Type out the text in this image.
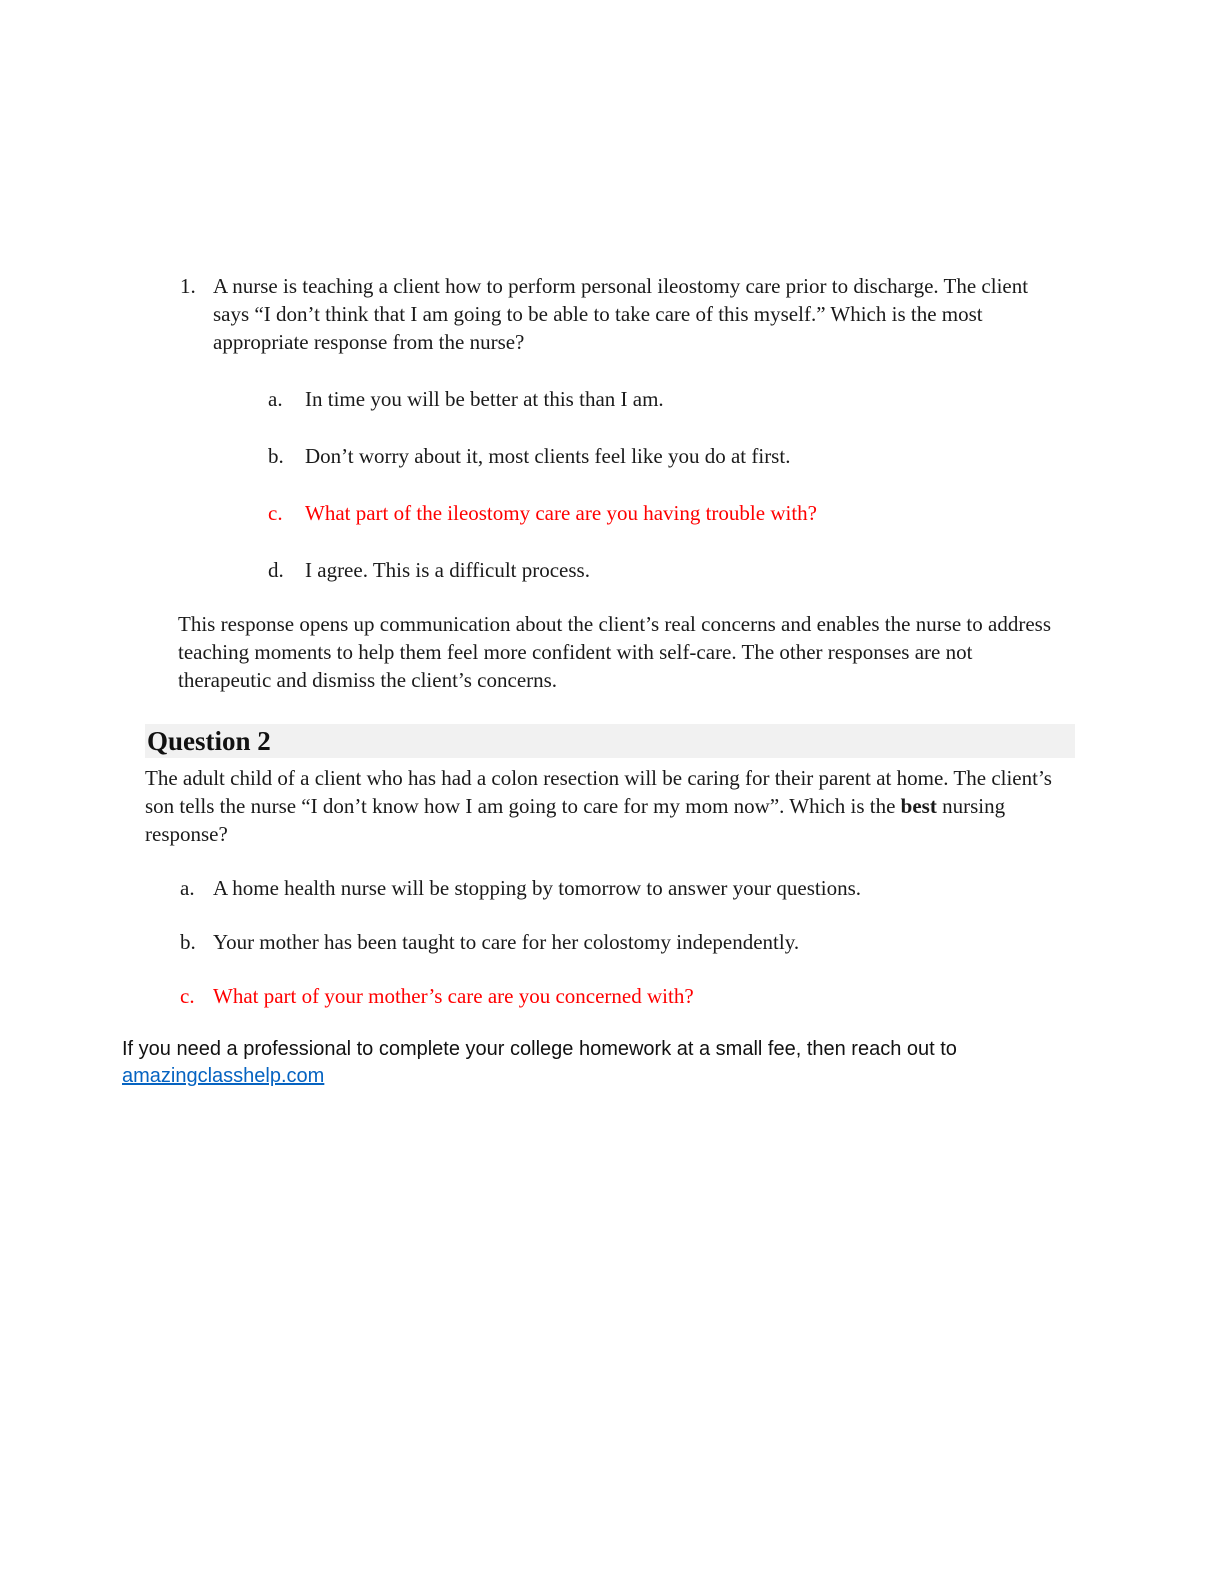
1. A nurse is teaching a client how to perform personal ileostomy care prior to discharge. The client says “I don’t think that I am going to be able to take care of this myself.” Which is the most appropriate response from the nurse?

a.	In time you will be better at this than I am.
b.	Don’t worry about it, most clients feel like you do at first.
c.	What part of the ileostomy care are you having trouble with?
d.	I agree. This is a difficult process.

This response opens up communication about the client’s real concerns and enables the nurse to address teaching moments to help them feel more confident with self-care. The other responses are not therapeutic and dismiss the client’s concerns.

Question 2

The adult child of a client who has had a colon resection will be caring for their parent at home. The client’s son tells the nurse “I don’t know how I am going to care for my mom now”. Which is the best nursing response?

a. A home health nurse will be stopping by tomorrow to answer your questions.
b. Your mother has been taught to care for her colostomy independently.
c. What part of your mother’s care are you concerned with?

If you need a professional to complete your college homework at a small fee, then reach out to
amazingclasshelp.com
